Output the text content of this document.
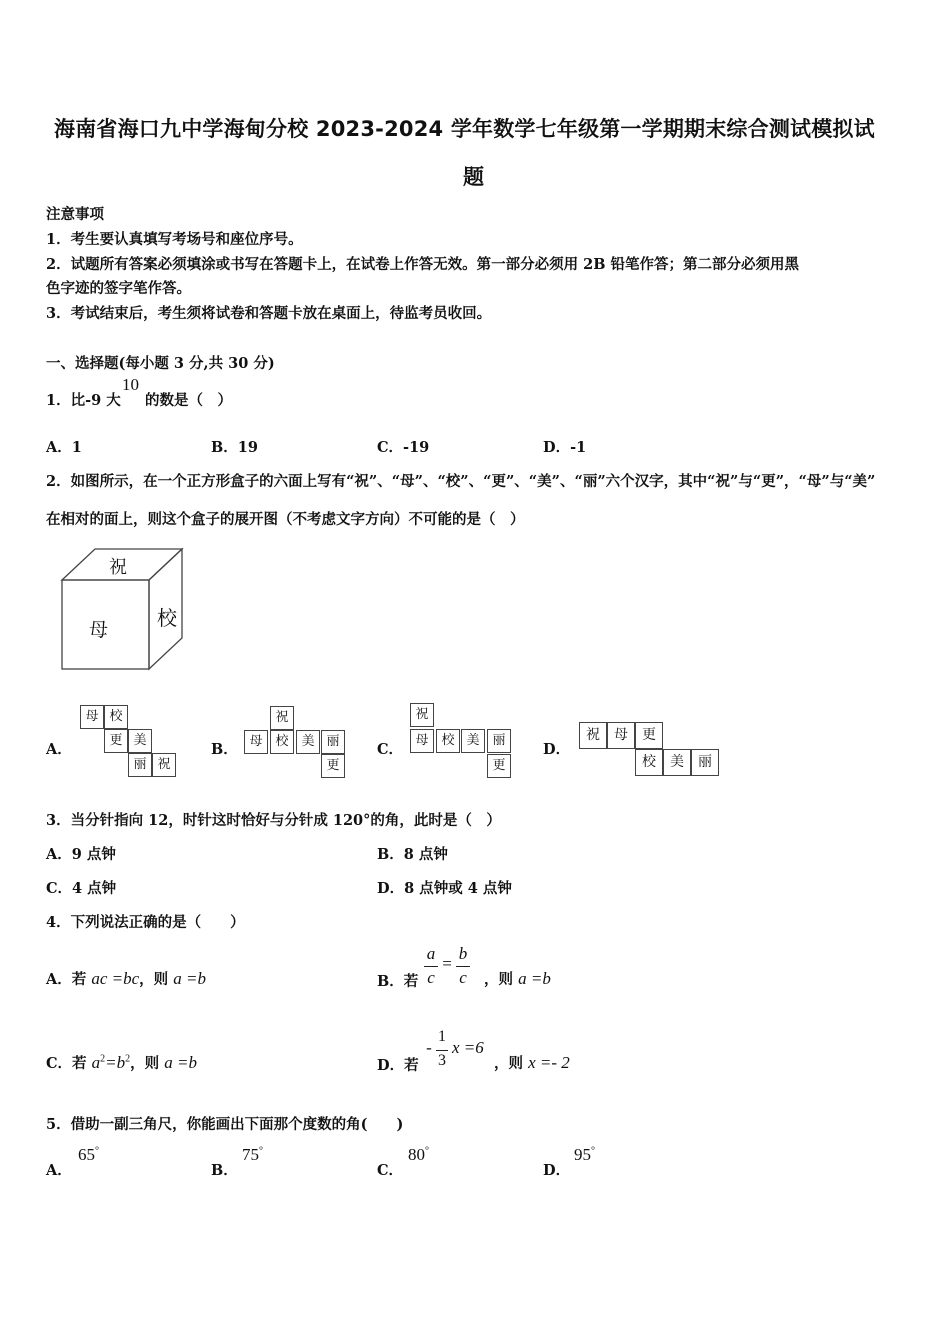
海南省海口九中学海甸分校 2023-2024 学年数学七年级第一学期期末综合测试模拟试
题
注意事项
1．考生要认真填写考场号和座位序号。
2．试题所有答案必须填涂或书写在答题卡上，在试卷上作答无效。第一部分必须用 2B 铅笔作答；第二部分必须用黑
色字迹的签字笔作答。
3．考试结束后，考生须将试卷和答题卡放在桌面上，待监考员收回。
一、选择题(每小题 3 分,共 30 分)
1．比-9 大
10
的数是（　）
A．1	B．19	C．-19	D．-1
2．如图所示，在一个正方形盒子的六面上写有“祝”、“母”、“校”、“更”、“美”、“丽”六个汉字，其中“祝”与“更”，“母”与“美”
在相对的面上，则这个盒子的展开图（不考虑文字方向）不可能的是（　）
祝
母 校
A．
母 校
更 美
丽 祝
B．
祝
母 校 美 丽
更
C．
祝
母 校 美 丽
更
D．
祝	母	更
校	美	丽
3．当分针指向 12，时针这时恰好与分针成 120°的角，此时是（　）
A．9 点钟	B．8 点钟
C．4 点钟	D．8 点钟或 4 点钟
4．下列说法正确的是（　　）
A．若 ac =bc，则 a =b	B．若
a
c
=
b
c ，则 a =b
C．若 $a^2=b^2$，则 a =b	D．若
-
1
3
x =6
，则 x =- 2
5．借助一副三角尺，你能画出下面那个度数的角(　　)
A．
65°
B．
75°
C．
80°
D．
95°
